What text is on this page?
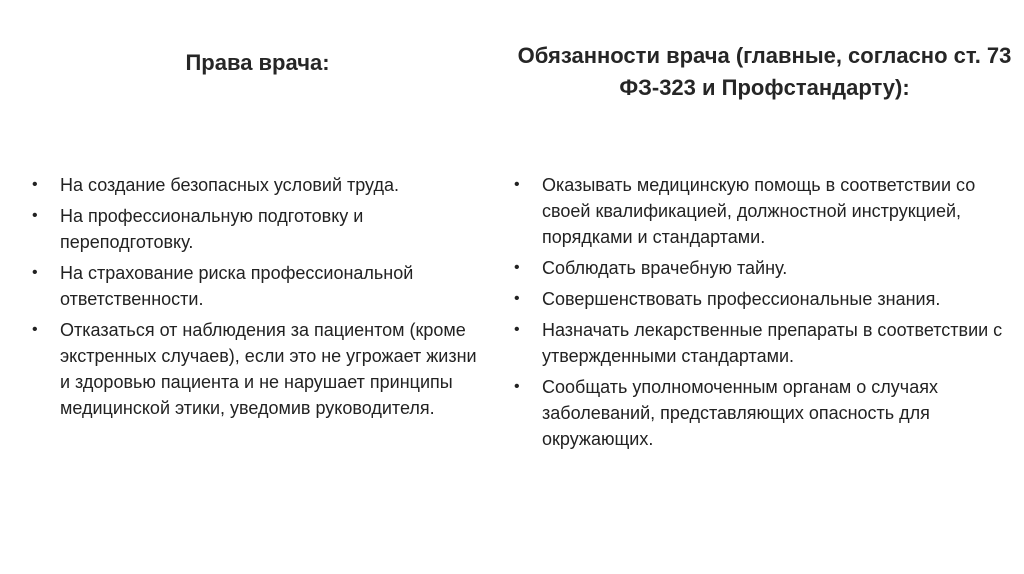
Права врача:
• На создание безопасных условий труда.
• На профессиональную подготовку и переподготовку.
• На страхование риска профессиональной ответственности.
• Отказаться от наблюдения за пациентом (кроме экстренных случаев), если это не угрожает жизни и здоровью пациента и не нарушает принципы медицинской этики, уведомив руководителя.
Обязанности врача (главные, согласно ст. 73 ФЗ-323 и Профстандарту):
• Оказывать медицинскую помощь в соответствии со своей квалификацией, должностной инструкцией, порядками и стандартами.
• Соблюдать врачебную тайну.
• Совершенствовать профессиональные знания.
• Назначать лекарственные препараты в соответствии с утвержденными стандартами.
• Сообщать уполномоченным органам о случаях заболеваний, представляющих опасность для окружающих.
